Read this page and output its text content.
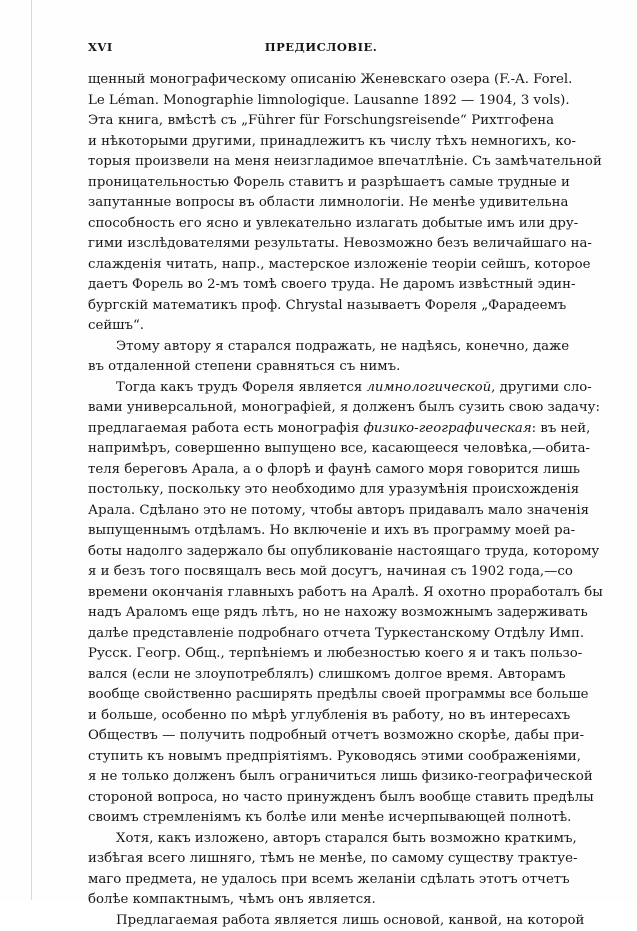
XVI	ПРЕДИСЛОВІЕ.
щенный монографическому описанію Женевскаго озера (F.-A. Forel.
Le Léman. Monographie limnologique. Lausanne 1892 — 1904, 3 vols).
Эта книга, вмѣстѣ съ „Führer für Forschungsreisende“ Рихтгофена
и нѣкоторыми другими, принадлежитъ къ числу тѣхъ немногихъ, ко-
торыя произвели на меня неизгладимое впечатлѣніе. Съ замѣчательной
проницательностью Форель ставитъ и разрѣшаетъ самые трудные и
запутанные вопросы въ области лимнологіи. Не менѣе удивительна
способность его ясно и увлекательно излагать добытые имъ или дру-
гими изслѣдователями результаты. Невозможно безъ величайшаго на-
слажденія читать, напр., мастерское изложеніе теоріи сейшъ, которое
даетъ Форель во 2-мъ томѣ своего труда. Не даромъ извѣстный эдин-
бургскій математикъ проф. Chrystal называетъ Фореля „Фарадеемъ
сейшъ“.
Этому автору я старался подражать, не надѣясь, конечно, даже
въ отдаленной степени сравняться съ нимъ.
Тогда какъ трудъ Фореля является лимнологической, другими сло-
вами универсальной, монографіей, я долженъ былъ сузить свою задачу:
предлагаемая работа есть монографія физико-географическая: въ ней,
напримѣръ, совершенно выпущено все, касающееся человѣка,—обита-
теля береговъ Арала, а о флорѣ и фаунѣ самого моря говорится лишь
постольку, поскольку это необходимо для уразумѣнія происхожденія
Арала. Сдѣлано это не потому, чтобы авторъ придавалъ мало значенія
выпущеннымъ отдѣламъ. Но включеніе и ихъ въ программу моей ра-
боты надолго задержало бы опубликованіе настоящаго труда, которому
я и безъ того посвящалъ весь мой досугъ, начиная съ 1902 года,—со
времени окончанія главныхъ работъ на Аралѣ. Я охотно проработалъ бы
надъ Араломъ еще рядъ лѣтъ, но не нахожу возможнымъ задерживать
далѣе представленіе подробнаго отчета Туркестанскому Отдѣлу Имп.
Русск. Геогр. Общ., терпѣніемъ и любезностью коего я и такъ пользо-
вался (если не злоупотреблялъ) слишкомъ долгое время. Авторамъ
вообще свойственно расширять предѣлы своей программы все больше
и больше, особенно по мѣрѣ углубленія въ работу, но въ интересахъ
Обществъ — получить подробный отчетъ возможно скорѣе, дабы при-
ступить къ новымъ предпріятіямъ. Руководясь этими соображеніями,
я не только долженъ былъ ограничиться лишь физико-географической
стороной вопроса, но часто принужденъ былъ вообще ставить предѣлы
своимъ стремленіямъ къ болѣе или менѣе исчерпывающей полнотѣ.
Хотя, какъ изложено, авторъ старался быть возможно краткимъ,
избѣгая всего лишняго, тѣмъ не менѣе, по самому существу трактуе-
маго предмета, не удалось при всемъ желаніи сдѣлать этотъ отчетъ
болѣе компактнымъ, чѣмъ онъ является.
Предлагаемая работа является лишь основой, канвой, на которой
